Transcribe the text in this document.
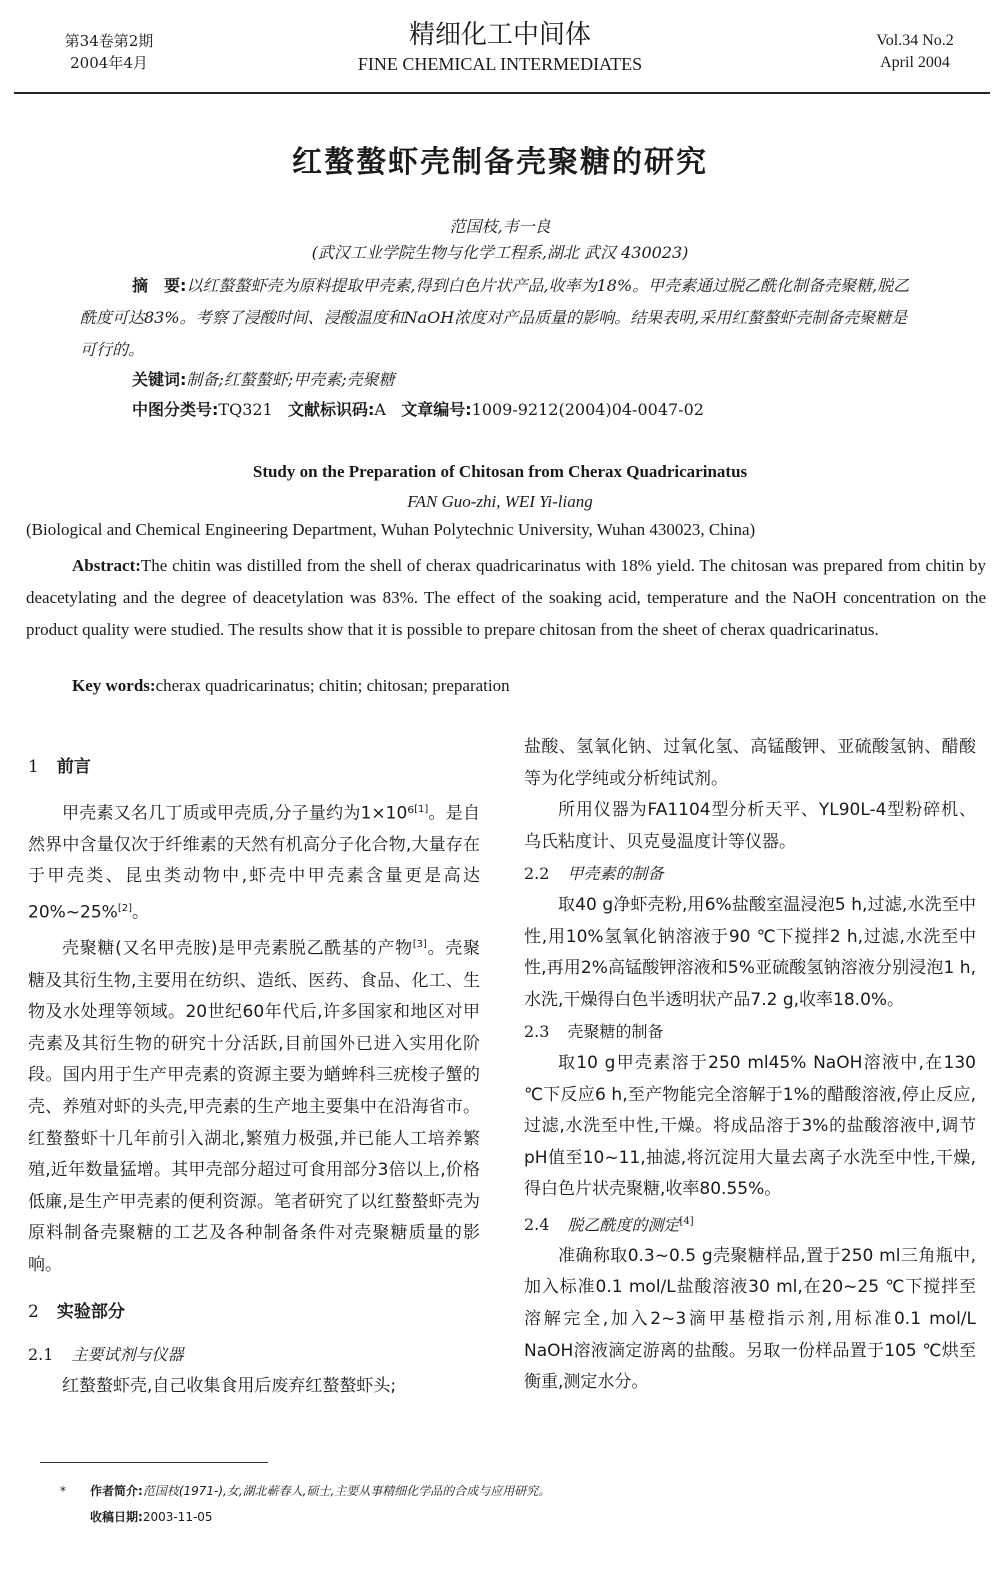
第34卷第2期
2004年4月
精细化工中间体
FINE CHEMICAL INTERMEDIATES
Vol.34 No.2
April 2004
红螯螯虾壳制备壳聚糖的研究
范国枝,韦一良
(武汉工业学院生物与化学工程系,湖北 武汉 430023)
摘　要:以红螯螯虾壳为原料提取甲壳素,得到白色片状产品,收率为18%。甲壳素通过脱乙酰化制备壳聚糖,脱乙酰度可达83%。考察了浸酸时间、浸酸温度和NaOH浓度对产品质量的影响。结果表明,采用红螯螯虾壳制备壳聚糖是可行的。
关键词:制备;红螯螯虾;甲壳素;壳聚糖
中图分类号:TQ321 文献标识码:A 文章编号:1009-9212(2004)04-0047-02
Study on the Preparation of Chitosan from Cherax Quadricarinatus
FAN Guo-zhi, WEI Yi-liang
(Biological and Chemical Engineering Department, Wuhan Polytechnic University, Wuhan 430023, China)
Abstract:The chitin was distilled from the shell of cherax quadricarinatus with 18% yield. The chitosan was prepared from chitin by deacetylating and the degree of deacetylation was 83%. The effect of the soaking acid, temperature and the NaOH concentration on the product quality were studied. The results show that it is possible to prepare chitosan from the sheet of cherax quadricarinatus.
Key words:cherax quadricarinatus; chitin; chitosan; preparation
1 前言

甲壳素又名几丁质或甲壳质,分子量约为1×10⁶[1]。是自然界中含量仅次于纤维素的天然有机高分子化合物,大量存在于甲壳类、昆虫类动物中,虾壳中甲壳素含量更是高达20%~25%[2]。

壳聚糖(又名甲壳胺)是甲壳素脱乙酰基的产物[3]。壳聚糖及其衍生物,主要用在纺织、造纸、医药、食品、化工、生物及水处理等领域。20世纪60年代后,许多国家和地区对甲壳素及其衍生物的研究十分活跃,目前国外已进入实用化阶段。国内用于生产甲壳素的资源主要为蝤蛑科三疣梭子蟹的壳、养殖对虾的头壳,甲壳素的生产地主要集中在沿海省市。红螯螯虾十几年前引入湖北,繁殖力极强,并已能人工培养繁殖,近年数量猛增。其甲壳部分超过可食用部分3倍以上,价格低廉,是生产甲壳素的便利资源。笔者研究了以红螯螯虾壳为原料制备壳聚糖的工艺及各种制备条件对壳聚糖质量的影响。

2 实验部分
2.1 主要试剂与仪器

红螯螯虾壳,自己收集食用后废弃红螯螯虾头;

盐酸、氢氧化钠、过氧化氢、高锰酸钾、亚硫酸氢钠、醋酸等为化学纯或分析纯试剂。

所用仪器为FA1104型分析天平、YL90L-4型粉碎机、乌氏粘度计、贝克曼温度计等仪器。

2.2 甲壳素的制备

取40 g净虾壳粉,用6%盐酸室温浸泡5 h,过滤,水洗至中性,用10%氢氧化钠溶液于90 ℃下搅拌2 h,过滤,水洗至中性,再用2%高锰酸钾溶液和5%亚硫酸氢钠溶液分别浸泡1 h,水洗,干燥得白色半透明状产品7.2 g,收率18.0%。

2.3 壳聚糖的制备

取10 g甲壳素溶于250 ml45% NaOH溶液中,在130 ℃下反应6 h,至产物能完全溶解于1%的醋酸溶液,停止反应,过滤,水洗至中性,干燥。将成品溶于3%的盐酸溶液中,调节pH值至10~11,抽滤,将沉淀用大量去离子水洗至中性,干燥,得白色片状壳聚糖,收率80.55%。

2.4 脱乙酰度的测定[4]

准确称取0.3~0.5 g壳聚糖样品,置于250 ml三角瓶中,加入标准0.1 mol/L盐酸溶液30 ml,在20~25 ℃下搅拌至溶解完全,加入2~3滴甲基橙指示剂,用标准0.1 mol/L NaOH溶液滴定游离的盐酸。另取一份样品置于105 ℃烘至衡重,测定水分。

* 作者简介:范国枝(1971-),女,湖北蕲春人,硕士,主要从事精细化学品的合成与应用研究。
收稿日期:2003-11-05
